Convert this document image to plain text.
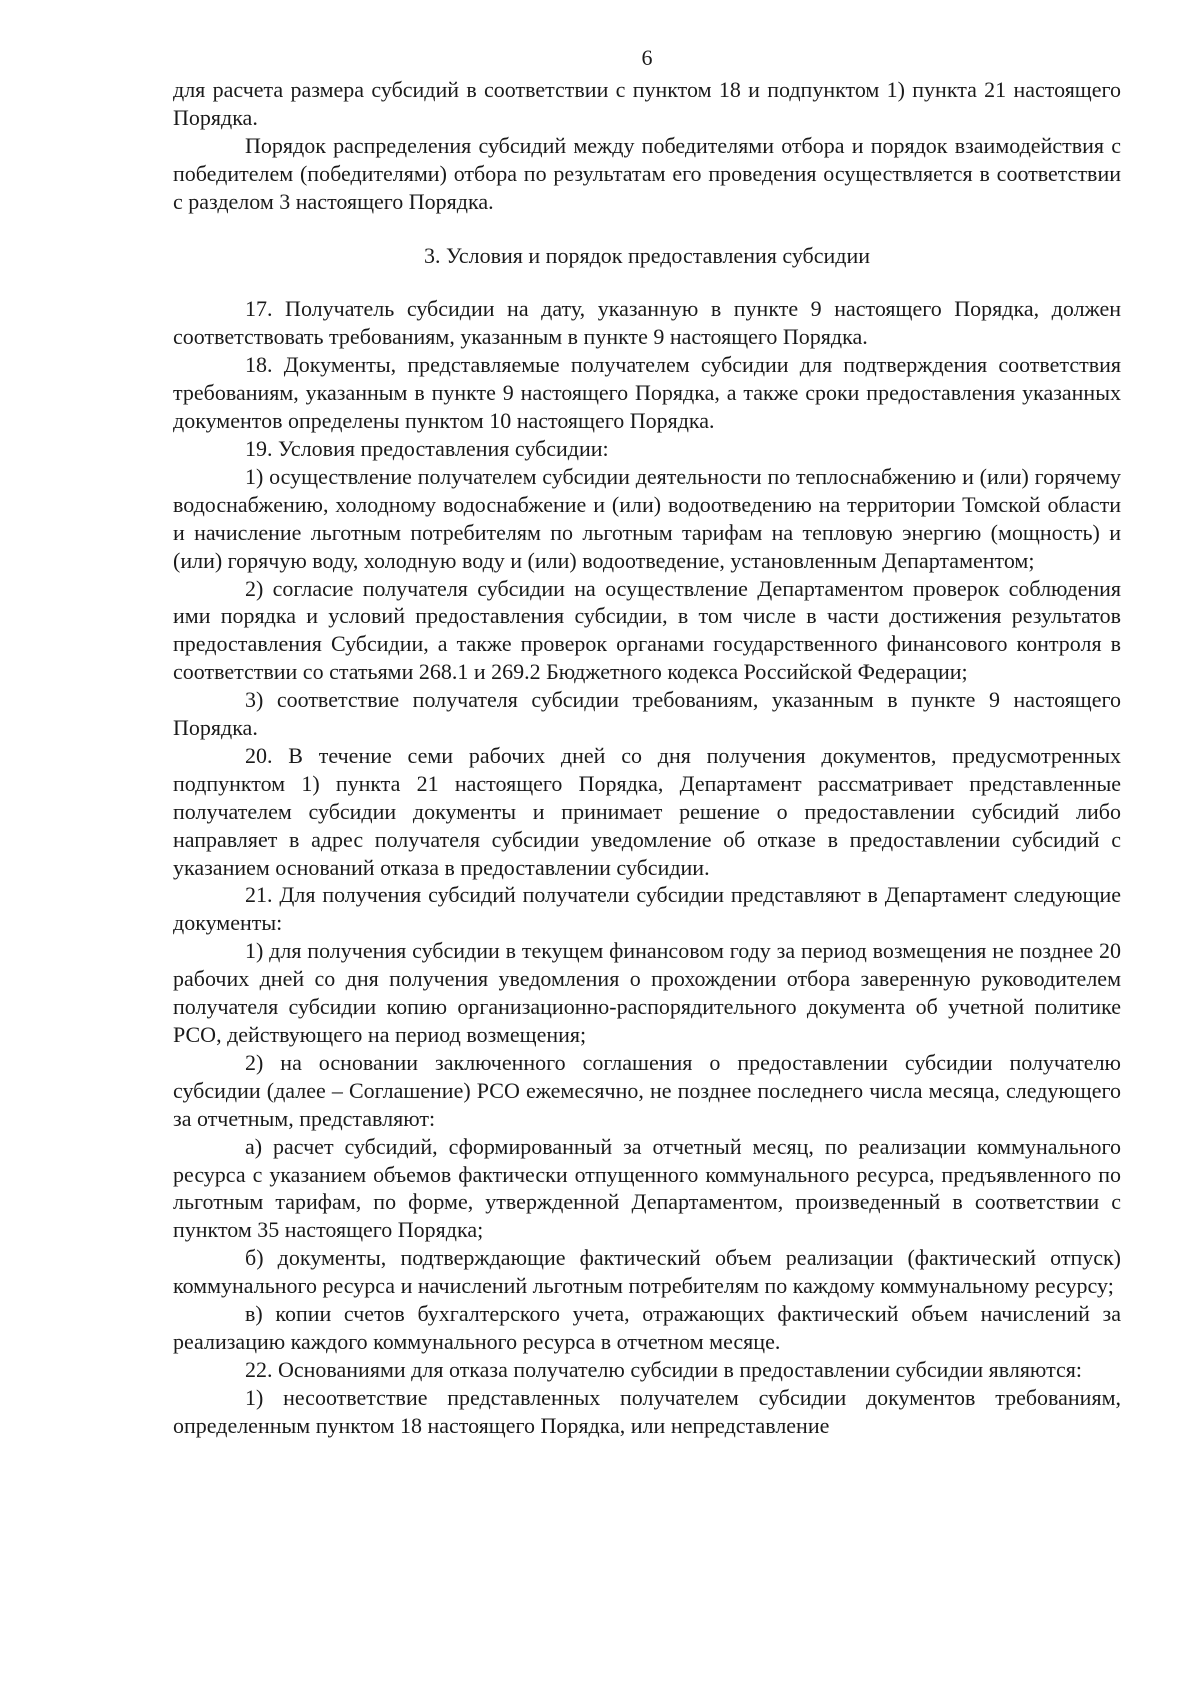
6

для расчета размера субсидий в соответствии с пунктом 18 и подпунктом 1) пункта 21 настоящего Порядка.

Порядок распределения субсидий между победителями отбора и порядок взаимодействия с победителем (победителями) отбора по результатам его проведения осуществляется в соответствии с разделом 3 настоящего Порядка.

3. Условия и порядок предоставления субсидии

17. Получатель субсидии на дату, указанную в пункте 9 настоящего Порядка, должен соответствовать требованиям, указанным в пункте 9 настоящего Порядка.

18. Документы, представляемые получателем субсидии для подтверждения соответствия требованиям, указанным в пункте 9 настоящего Порядка, а также сроки предоставления указанных документов определены пунктом 10 настоящего Порядка.

19. Условия предоставления субсидии:

1) осуществление получателем субсидии деятельности по теплоснабжению и (или) горячему водоснабжению, холодному водоснабжение и (или) водоотведению на территории Томской области и начисление льготным потребителям по льготным тарифам на тепловую энергию (мощность) и (или) горячую воду, холодную воду и (или) водоотведение, установленным Департаментом;

2) согласие получателя субсидии на осуществление Департаментом проверок соблюдения ими порядка и условий предоставления субсидии, в том числе в части достижения результатов предоставления Субсидии, а также проверок органами государственного финансового контроля в соответствии со статьями 268.1 и 269.2 Бюджетного кодекса Российской Федерации;

3) соответствие получателя субсидии требованиям, указанным в пункте 9 настоящего Порядка.

20. В течение семи рабочих дней со дня получения документов, предусмотренных подпунктом 1) пункта 21 настоящего Порядка, Департамент рассматривает представленные получателем субсидии документы и принимает решение о предоставлении субсидий либо направляет в адрес получателя субсидии уведомление об отказе в предоставлении субсидий с указанием оснований отказа в предоставлении субсидии.

21. Для получения субсидий получатели субсидии представляют в Департамент следующие документы:

1) для получения субсидии в текущем финансовом году за период возмещения не позднее 20 рабочих дней со дня получения уведомления о прохождении отбора заверенную руководителем получателя субсидии копию организационно-распорядительного документа об учетной политике РСО, действующего на период возмещения;

2) на основании заключенного соглашения о предоставлении субсидии получателю субсидии (далее – Соглашение) РСО ежемесячно, не позднее последнего числа месяца, следующего за отчетным, представляют:

а) расчет субсидий, сформированный за отчетный месяц, по реализации коммунального ресурса с указанием объемов фактически отпущенного коммунального ресурса, предъявленного по льготным тарифам, по форме, утвержденной Департаментом, произведенный в соответствии с пунктом 35 настоящего Порядка;

б) документы, подтверждающие фактический объем реализации (фактический отпуск) коммунального ресурса и начислений льготным потребителям по каждому коммунальному ресурсу;

в) копии счетов бухгалтерского учета, отражающих фактический объем начислений за реализацию каждого коммунального ресурса в отчетном месяце.

22. Основаниями для отказа получателю субсидии в предоставлении субсидии являются:

1) несоответствие представленных получателем субсидии документов требованиям, определенным пунктом 18 настоящего Порядка, или непредставление
